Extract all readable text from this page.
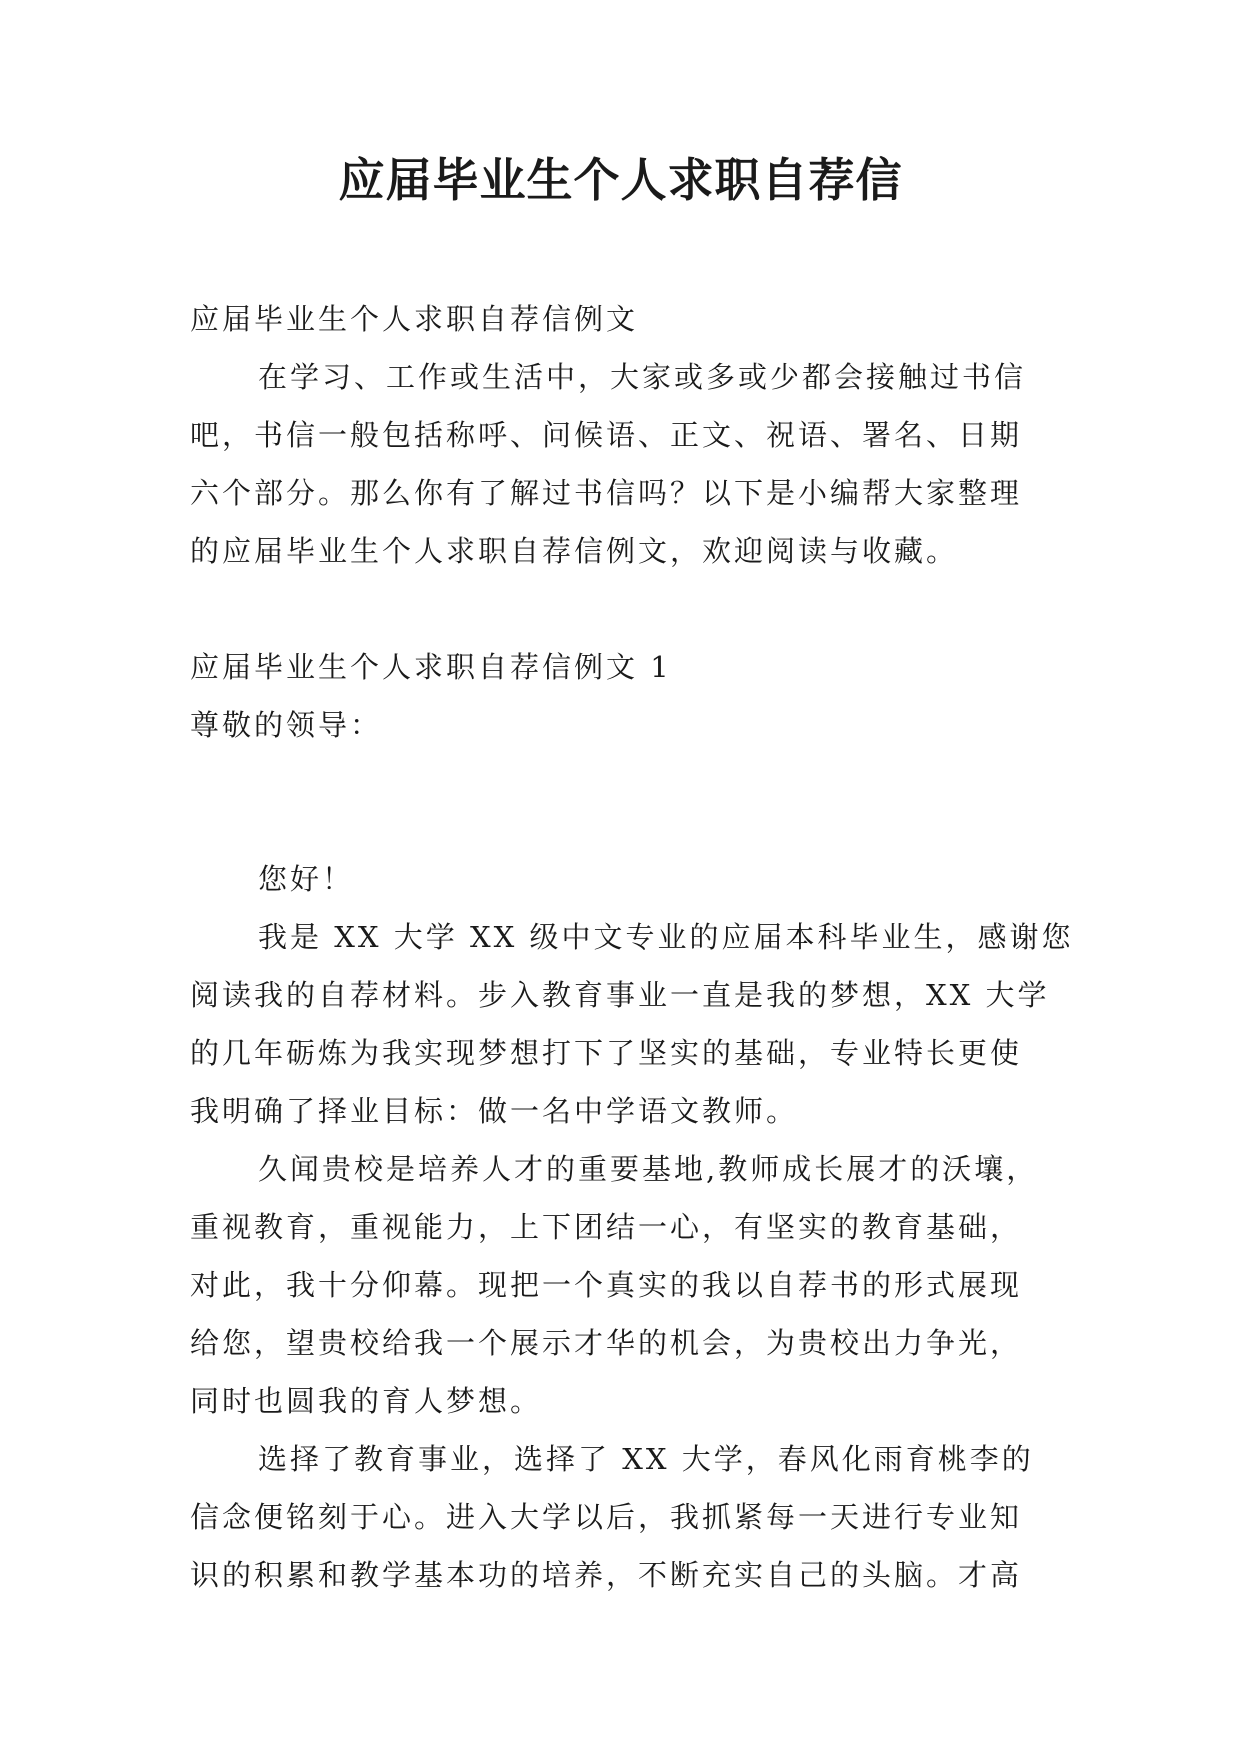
应届毕业生个人求职自荐信

应届毕业生个人求职自荐信例文

在学习、工作或生活中，大家或多或少都会接触过书信

吧，书信一般包括称呼、问候语、正文、祝语、署名、日期

六个部分。那么你有了解过书信吗？以下是小编帮大家整理

的应届毕业生个人求职自荐信例文，欢迎阅读与收藏。

应届毕业生个人求职自荐信例文 1

尊敬的领导：

您好！

我是 XX 大学 XX 级中文专业的应届本科毕业生，感谢您

阅读我的自荐材料。步入教育事业一直是我的梦想，XX 大学

的几年砺炼为我实现梦想打下了坚实的基础，专业特长更使

我明确了择业目标：做一名中学语文教师。

久闻贵校是培养人才的重要基地,教师成长展才的沃壤，

重视教育，重视能力，上下团结一心，有坚实的教育基础，

对此，我十分仰幕。现把一个真实的我以自荐书的形式展现

给您，望贵校给我一个展示才华的机会，为贵校出力争光，

同时也圆我的育人梦想。

选择了教育事业，选择了 XX 大学，春风化雨育桃李的

信念便铭刻于心。进入大学以后，我抓紧每一天进行专业知

识的积累和教学基本功的培养，不断充实自己的头脑。才高
